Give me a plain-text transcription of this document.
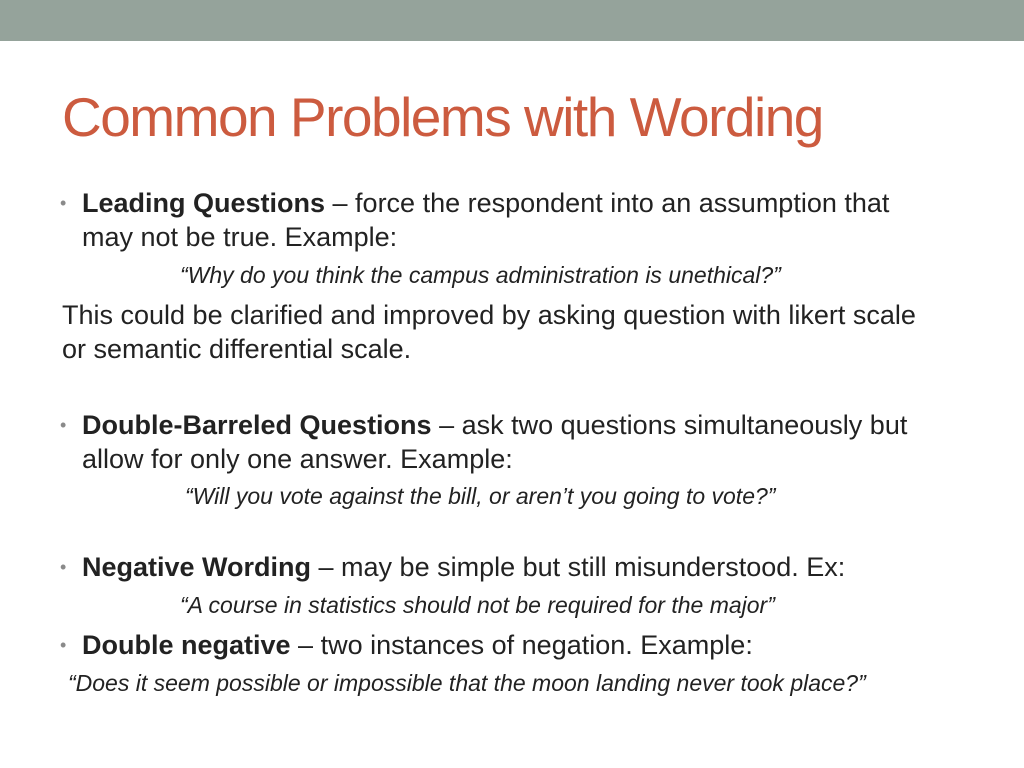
Common Problems with Wording
• Leading Questions – force the respondent into an assumption that
may not be true. Example:
“Why do you think the campus administration is unethical?”
This could be clarified and improved by asking question with likert scale
or semantic differential scale.
• Double-Barreled Questions – ask two questions simultaneously but
allow for only one answer. Example:
“Will you vote against the bill, or aren’t you going to vote?”
• Negative Wording – may be simple but still misunderstood. Ex:
“A course in statistics should not be required for the major”
• Double negative – two instances of negation. Example:
“Does it seem possible or impossible that the moon landing never took place?”
